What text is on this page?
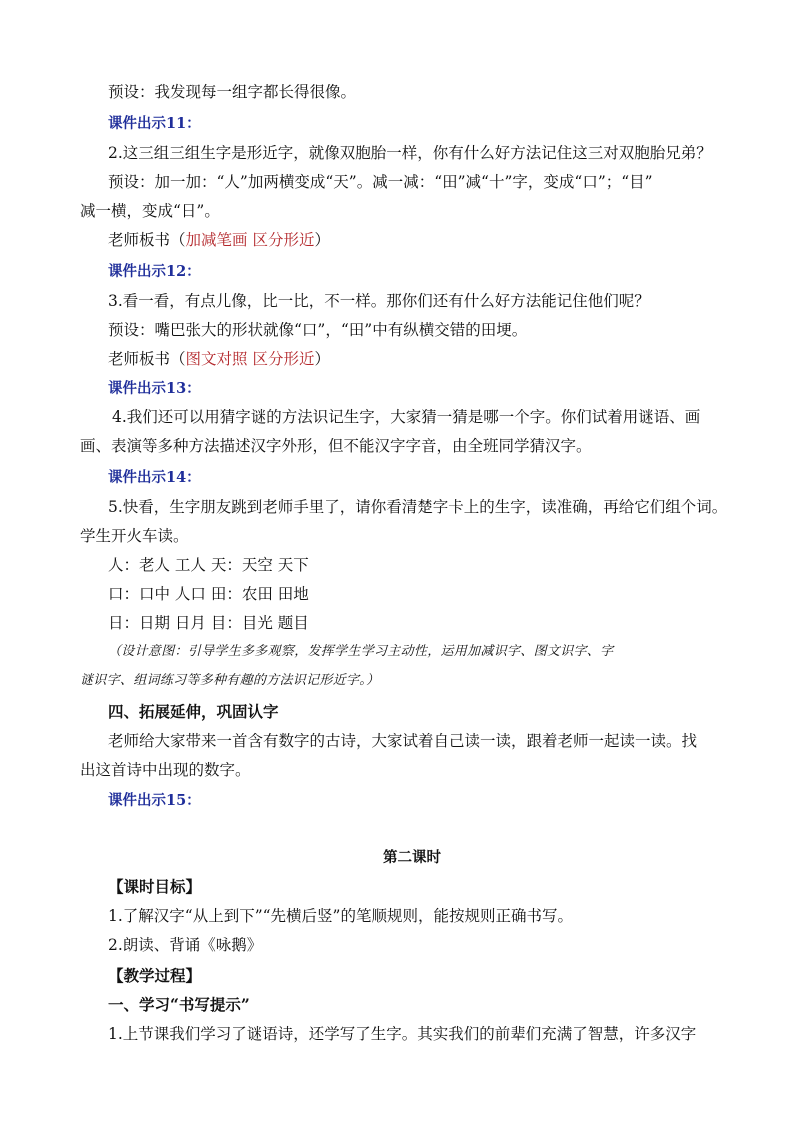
预设：我发现每一组字都长得很像。
课件出示11：
2.这三组三组生字是形近字，就像双胞胎一样，你有什么好方法记住这三对双胞胎兄弟？
预设：加一加：“人”加两横变成“天”。减一减：“田”减“十”字，变成“口”；“目”
减一横，变成“日”。
老师板书（加减笔画 区分形近）
课件出示12：
3.看一看，有点儿像，比一比，不一样。那你们还有什么好方法能记住他们呢？
预设：嘴巴张大的形状就像“口”，“田”中有纵横交错的田埂。
老师板书（图文对照 区分形近）
课件出示13：
4.我们还可以用猜字谜的方法识记生字，大家猜一猜是哪一个字。你们试着用谜语、画
画、表演等多种方法描述汉字外形，但不能汉字字音，由全班同学猜汉字。
课件出示14：
5.快看，生字朋友跳到老师手里了，请你看清楚字卡上的生字，读准确，再给它们组个词。
学生开火车读。
人：老人 工人 天：天空 天下
口：口中 人口 田：农田 田地
日：日期 日月 目：目光 题目
（设计意图：引导学生多多观察，发挥学生学习主动性，运用加减识字、图文识字、字
谜识字、组词练习等多种有趣的方法识记形近字。）
四、拓展延伸，巩固认字
老师给大家带来一首含有数字的古诗，大家试着自己读一读，跟着老师一起读一读。找
出这首诗中出现的数字。
课件出示15：
第二课时
【课时目标】
1.了解汉字“从上到下”“先横后竖”的笔顺规则，能按规则正确书写。
2.朗读、背诵《咏鹅》
【教学过程】
一、学习“书写提示”
1.上节课我们学习了谜语诗，还学写了生字。其实我们的前辈们充满了智慧，许多汉字
